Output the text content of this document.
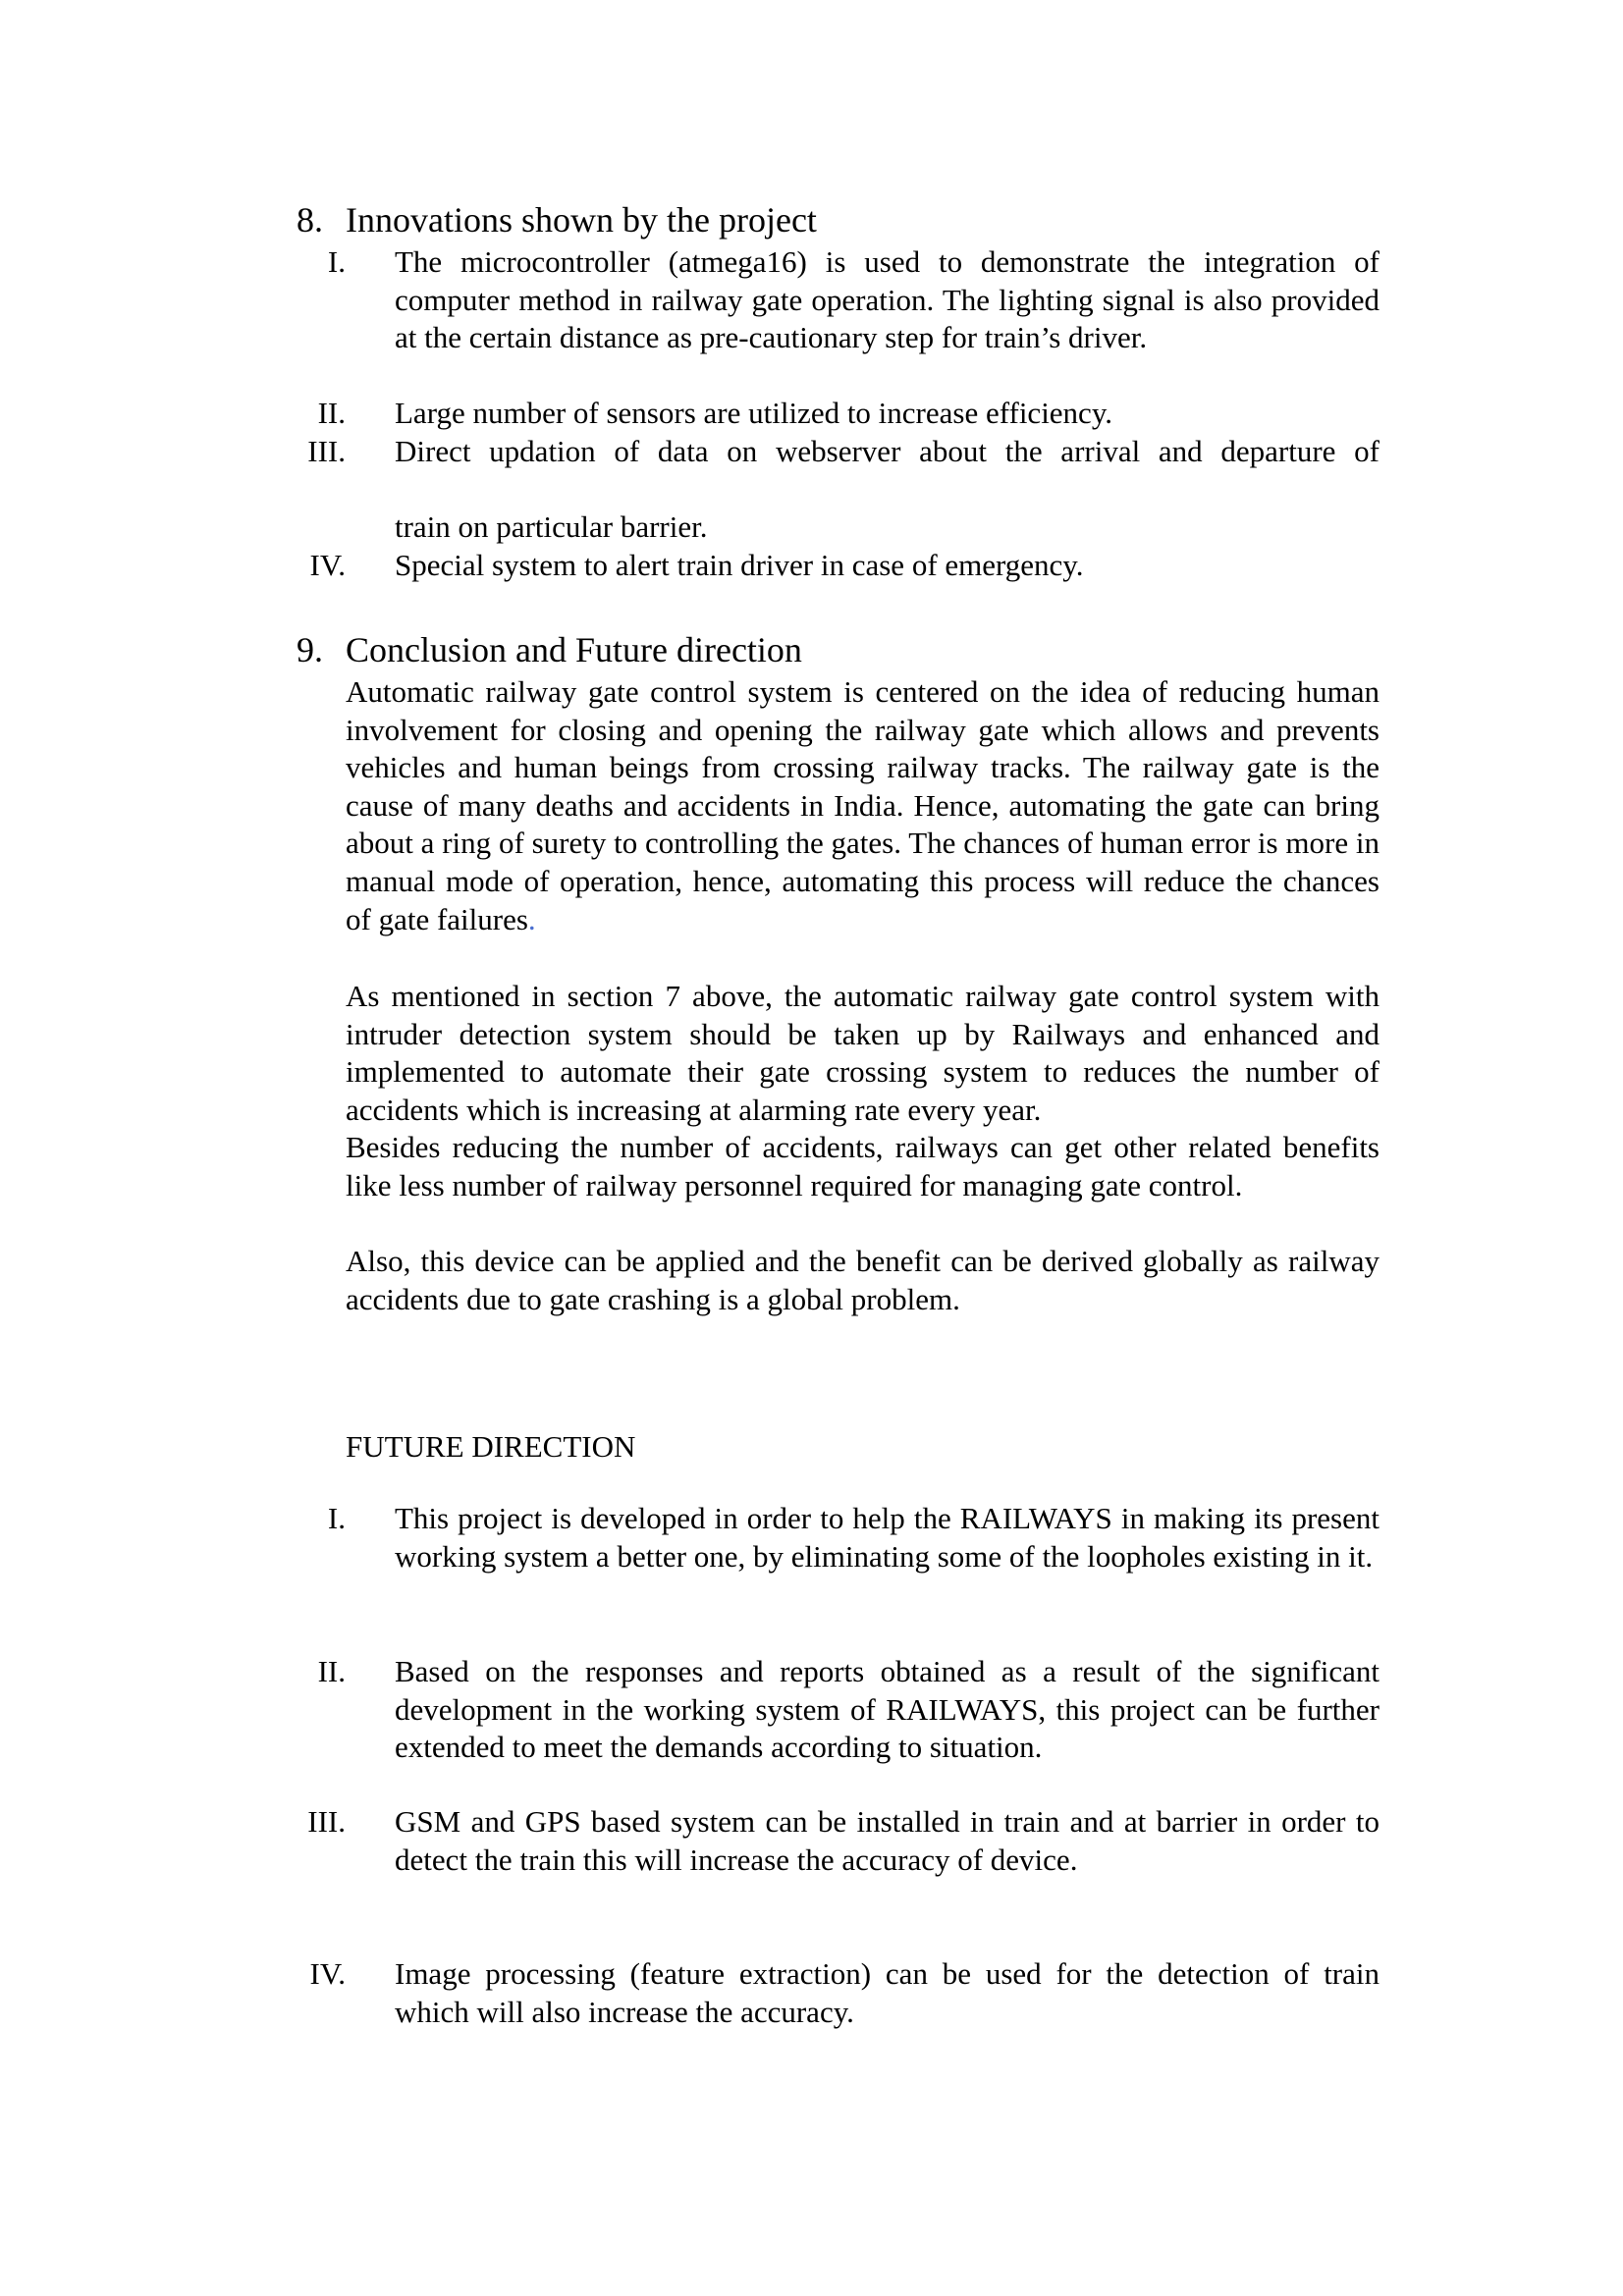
8. Innovations shown by the project
I. The microcontroller (atmega16) is used to demonstrate the integration of computer method in railway gate operation. The lighting signal is also provided at the certain distance as pre-cautionary step for train’s driver.
II. Large number of sensors are utilized to increase efficiency.
III. Direct updation of data on webserver about the arrival and departure of
train on particular barrier.
IV. Special system to alert train driver in case of emergency.
9. Conclusion and Future direction
Automatic railway gate control system is centered on the idea of reducing human involvement for closing and opening the railway gate which allows and prevents vehicles and human beings from crossing railway tracks. The railway gate is the cause of many deaths and accidents in India. Hence, automating the gate can bring about a ring of surety to controlling the gates. The chances of human error is more in manual mode of operation, hence, automating this process will reduce the chances of gate failures.
As mentioned in section 7 above, the automatic railway gate control system with intruder detection system should be taken up by Railways and enhanced and implemented to automate their gate crossing system to reduces the number of accidents which is increasing at alarming rate every year.
Besides reducing the number of accidents, railways can get other related benefits like less number of railway personnel required for managing gate control.
Also, this device can be applied and the benefit can be derived globally as railway accidents due to gate crashing is a global problem.
FUTURE DIRECTION
I. This project is developed in order to help the RAILWAYS in making its present working system a better one, by eliminating some of the loopholes existing in it.
II. Based on the responses and reports obtained as a result of the significant development in the working system of RAILWAYS, this project can be further extended to meet the demands according to situation.
III. GSM and GPS based system can be installed in train and at barrier in order to detect the train this will increase the accuracy of device.
IV. Image processing (feature extraction) can be used for the detection of train which will also increase the accuracy.
